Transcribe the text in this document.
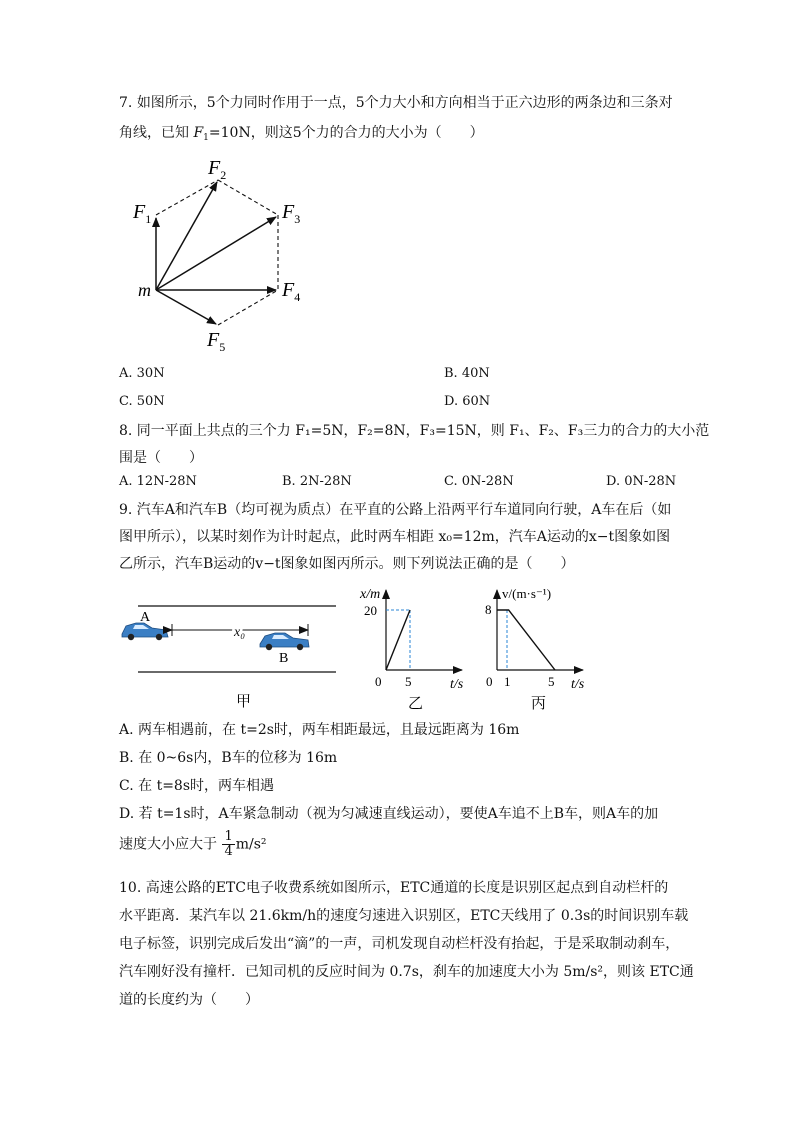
7. 如图所示，5个力同时作用于一点，5个力大小和方向相当于正六边形的两条边和三条对
角线，已知 $F_1=10N$，则这5个力的合力的大小为（　　）
m
$F_1$
$F_2$
$F_3$
$F_4$
$F_5$
A. 30N	B. 40N
C. 50N	D. 60N
8. 同一平面上共点的三个力 F₁=5N，F₂=8N，F₃=15N，则 F₁、F₂、F₃三力的合力的大小范
围是（　　）
A. 12N-28N	B. 2N-28N	C. 0N-28N	D. 0N-28N
9. 汽车A和汽车B（均可视为质点）在平直的公路上沿两平行车道同向行驶，A车在后（如
图甲所示），以某时刻作为计时起点，此时两车相距 x₀=12m，汽车A运动的x−t图象如图
乙所示，汽车B运动的v−t图象如图丙所示。则下列说法正确的是（　　）
A
x₀
B
甲
x/m
20
0 5	t/s
乙
v/(m·s⁻¹)
8
0 1	5 t/s
丙
A. 两车相遇前，在 t=2s时，两车相距最远，且最远距离为 16m
B. 在 0~6s内，B车的位移为 16m
C. 在 t=8s时，两车相遇
D. 若 t=1s时，A车紧急制动（视为匀减速直线运动），要使A车追不上B车，则A车的加
速度大小应大于 $\frac{1}{4} m/s^2$
10. 高速公路的ETC电子收费系统如图所示，ETC通道的长度是识别区起点到自动栏杆的
水平距离．某汽车以 21.6km/h的速度匀速进入识别区，ETC天线用了 0.3s的时间识别车载
电子标签，识别完成后发出“滴”的一声，司机发现自动栏杆没有抬起，于是采取制动刹车，
汽车刚好没有撞杆．已知司机的反应时间为 0.7s，刹车的加速度大小为 5m/s²，则该 ETC通
道的长度约为（　　）
